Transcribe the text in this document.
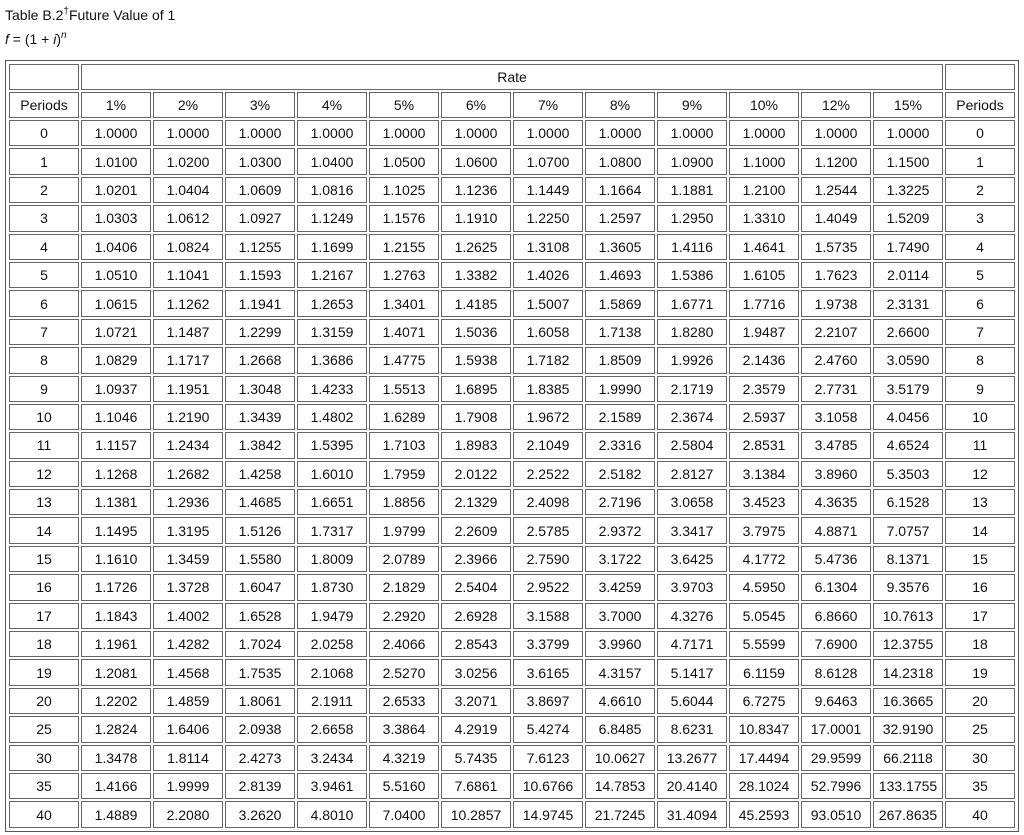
Table B.2†Future Value of 1
$f = (1 + i)^n$
	Rate												
Periods	1%	2%	3%	4%	5%	6%	7%	8%	9%	10%	12%	15%	Periods
0	1.0000	1.0000	1.0000	1.0000	1.0000	1.0000	1.0000	1.0000	1.0000	1.0000	1.0000	1.0000	0
1	1.0100	1.0200	1.0300	1.0400	1.0500	1.0600	1.0700	1.0800	1.0900	1.1000	1.1200	1.1500	1
2	1.0201	1.0404	1.0609	1.0816	1.1025	1.1236	1.1449	1.1664	1.1881	1.2100	1.2544	1.3225	2
3	1.0303	1.0612	1.0927	1.1249	1.1576	1.1910	1.2250	1.2597	1.2950	1.3310	1.4049	1.5209	3
4	1.0406	1.0824	1.1255	1.1699	1.2155	1.2625	1.3108	1.3605	1.4116	1.4641	1.5735	1.7490	4
5	1.0510	1.1041	1.1593	1.2167	1.2763	1.3382	1.4026	1.4693	1.5386	1.6105	1.7623	2.0114	5
6	1.0615	1.1262	1.1941	1.2653	1.3401	1.4185	1.5007	1.5869	1.6771	1.7716	1.9738	2.3131	6
7	1.0721	1.1487	1.2299	1.3159	1.4071	1.5036	1.6058	1.7138	1.8280	1.9487	2.2107	2.6600	7
8	1.0829	1.1717	1.2668	1.3686	1.4775	1.5938	1.7182	1.8509	1.9926	2.1436	2.4760	3.0590	8
9	1.0937	1.1951	1.3048	1.4233	1.5513	1.6895	1.8385	1.9990	2.1719	2.3579	2.7731	3.5179	9
10	1.1046	1.2190	1.3439	1.4802	1.6289	1.7908	1.9672	2.1589	2.3674	2.5937	3.1058	4.0456	10
11	1.1157	1.2434	1.3842	1.5395	1.7103	1.8983	2.1049	2.3316	2.5804	2.8531	3.4785	4.6524	11
12	1.1268	1.2682	1.4258	1.6010	1.7959	2.0122	2.2522	2.5182	2.8127	3.1384	3.8960	5.3503	12
13	1.1381	1.2936	1.4685	1.6651	1.8856	2.1329	2.4098	2.7196	3.0658	3.4523	4.3635	6.1528	13
14	1.1495	1.3195	1.5126	1.7317	1.9799	2.2609	2.5785	2.9372	3.3417	3.7975	4.8871	7.0757	14
15	1.1610	1.3459	1.5580	1.8009	2.0789	2.3966	2.7590	3.1722	3.6425	4.1772	5.4736	8.1371	15
16	1.1726	1.3728	1.6047	1.8730	2.1829	2.5404	2.9522	3.4259	3.9703	4.5950	6.1304	9.3576	16
17	1.1843	1.4002	1.6528	1.9479	2.2920	2.6928	3.1588	3.7000	4.3276	5.0545	6.8660	10.7613	17
18	1.1961	1.4282	1.7024	2.0258	2.4066	2.8543	3.3799	3.9960	4.7171	5.5599	7.6900	12.3755	18
19	1.2081	1.4568	1.7535	2.1068	2.5270	3.0256	3.6165	4.3157	5.1417	6.1159	8.6128	14.2318	19
20	1.2202	1.4859	1.8061	2.1911	2.6533	3.2071	3.8697	4.6610	5.6044	6.7275	9.6463	16.3665	20
25	1.2824	1.6406	2.0938	2.6658	3.3864	4.2919	5.4274	6.8485	8.6231	10.8347	17.0001	32.9190	25
30	1.3478	1.8114	2.4273	3.2434	4.3219	5.7435	7.6123	10.0627	13.2677	17.4494	29.9599	66.2118	30
35	1.4166	1.9999	2.8139	3.9461	5.5160	7.6861	10.6766	14.7853	20.4140	28.1024	52.7996	133.1755	35
40	1.4889	2.2080	3.2620	4.8010	7.0400	10.2857	14.9745	21.7245	31.4094	45.2593	93.0510	267.8635	40
